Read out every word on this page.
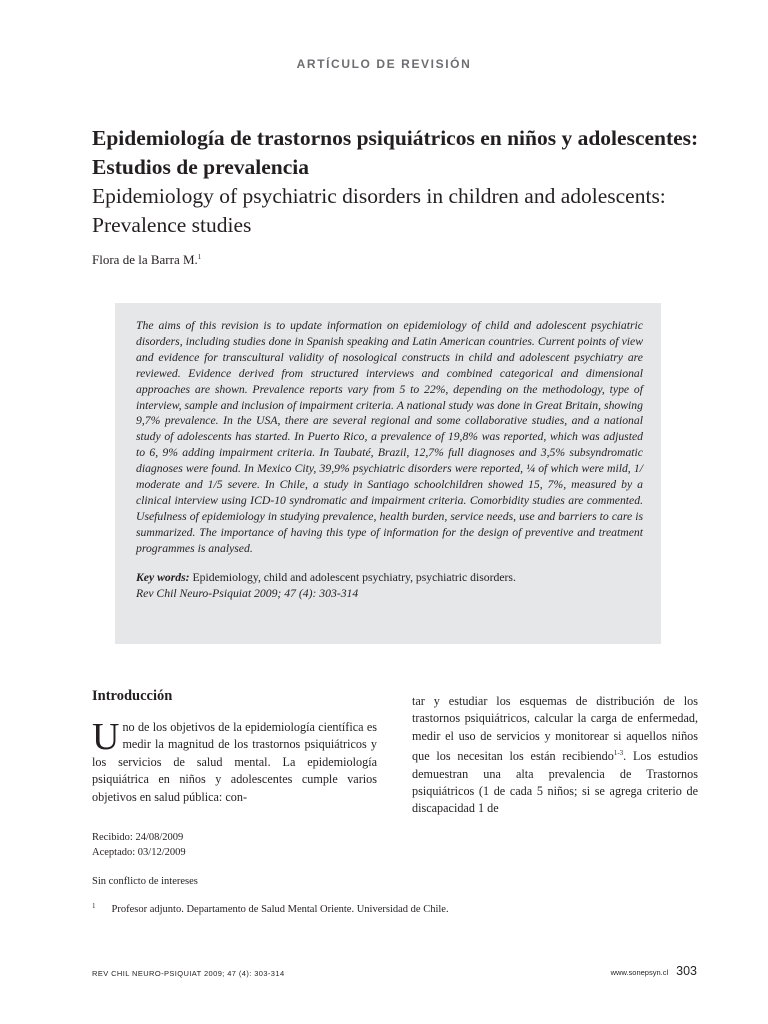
ARTÍCULO DE REVISIÓN
Epidemiología de trastornos psiquiátricos en niños y adolescentes: Estudios de prevalencia
Epidemiology of psychiatric disorders in children and adolescents: Prevalence studies
Flora de la Barra M.$^1$

The aims of this revision is to update information on epidemiology of child and adolescent psychiatric disorders, including studies done in Spanish speaking and Latin American countries. Current points of view and evidence for transcultural validity of nosological constructs in child and adolescent psychiatry are reviewed. Evidence derived from structured interviews and combined categorical and dimensional approaches are shown. Prevalence reports vary from 5 to 22%, depending on the methodology, type of interview, sample and inclusion of impairment criteria. A national study was done in Great Britain, showing 9,7% prevalence. In the USA, there are several regional and some collaborative studies, and a national study of adolescents has started. In Puerto Rico, a prevalence of 19,8% was reported, which was adjusted to 6, 9% adding impairment criteria. In Taubaté, Brazil, 12,7% full diagnoses and 3,5% subsyndromatic diagnoses were found. In Mexico City, 39,9% psychiatric disorders were reported, ¼ of which were mild, 1/ moderate and 1/5 severe. In Chile, a study in Santiago schoolchildren showed 15, 7%, measured by a clinical interview using ICD-10 syndromatic and impairment criteria. Comorbidity studies are commented. Usefulness of epidemiology in studying prevalence, health burden, service needs, use and barriers to care is summarized. The importance of having this type of information for the design of preventive and treatment programmes is analysed.

Key words: Epidemiology, child and adolescent psychiatry, psychiatric disorders.
Rev Chil Neuro-Psiquiat 2009; 47 (4): 303-314
Introducción

Uno de los objetivos de la epidemiología científica es medir la magnitud de los trastornos psiquiátricos y los servicios de salud mental. La epidemiología psiquiátrica en niños y adolescentes cumple varios objetivos en salud pública: con-

tar y estudiar los esquemas de distribución de los trastornos psiquiátricos, calcular la carga de enfermedad, medir el uso de servicios y monitorear si aquellos niños que los necesitan los están recibiendo$^{1-3}$. Los estudios demuestran una alta prevalencia de Trastornos psiquiátricos (1 de cada 5 niños; si se agrega criterio de discapacidad 1 de

Recibido: 24/08/2009
Aceptado: 03/12/2009
Sin conflicto de intereses
$^1$ Profesor adjunto. Departamento de Salud Mental Oriente. Universidad de Chile.
REV CHIL NEURO-PSIQUIAT 2009; 47 (4): 303-314	www.sonepsyn.cl 303
